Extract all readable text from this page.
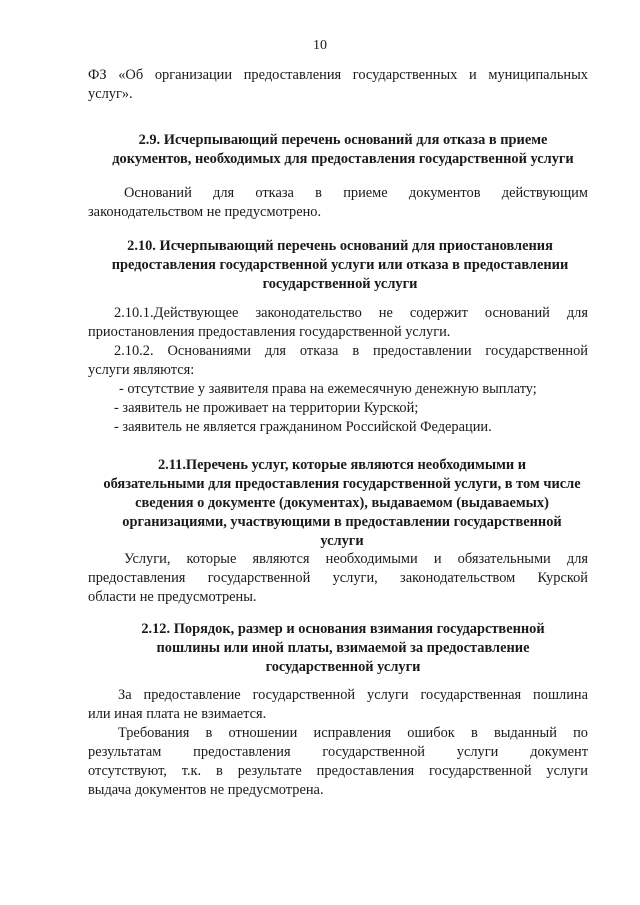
10
ФЗ «Об организации предоставления государственных и муниципальных
услуг».
2.9. Исчерпывающий перечень оснований для отказа в приеме
документов, необходимых для предоставления государственной услуги
Оснований для отказа в приеме документов действующим
законодательством не предусмотрено.
2.10. Исчерпывающий перечень оснований для приостановления
предоставления государственной услуги или отказа в предоставлении
государственной услуги
2.10.1.Действующее законодательство не содержит оснований для
приостановления предоставления государственной услуги.
2.10.2. Основаниями для отказа в предоставлении государственной
услуги являются:
- отсутствие у заявителя права на ежемесячную денежную выплату;
- заявитель не проживает на территории Курской;
- заявитель не является гражданином Российской Федерации.
2.11.Перечень услуг, которые являются необходимыми и
обязательными для предоставления государственной услуги, в том числе
сведения о документе (документах), выдаваемом (выдаваемых)
организациями, участвующими в предоставлении государственной
услуги
Услуги, которые являются необходимыми и обязательными для
предоставления государственной услуги, законодательством Курской
области не предусмотрены.
2.12. Порядок, размер и основания взимания государственной
пошлины или иной платы, взимаемой за предоставление
государственной услуги
За предоставление государственной услуги государственная пошлина
или иная плата не взимается.
Требования в отношении исправления ошибок в выданный по
результатам предоставления государственной услуги документ
отсутствуют, т.к. в результате предоставления государственной услуги
выдача документов не предусмотрена.
